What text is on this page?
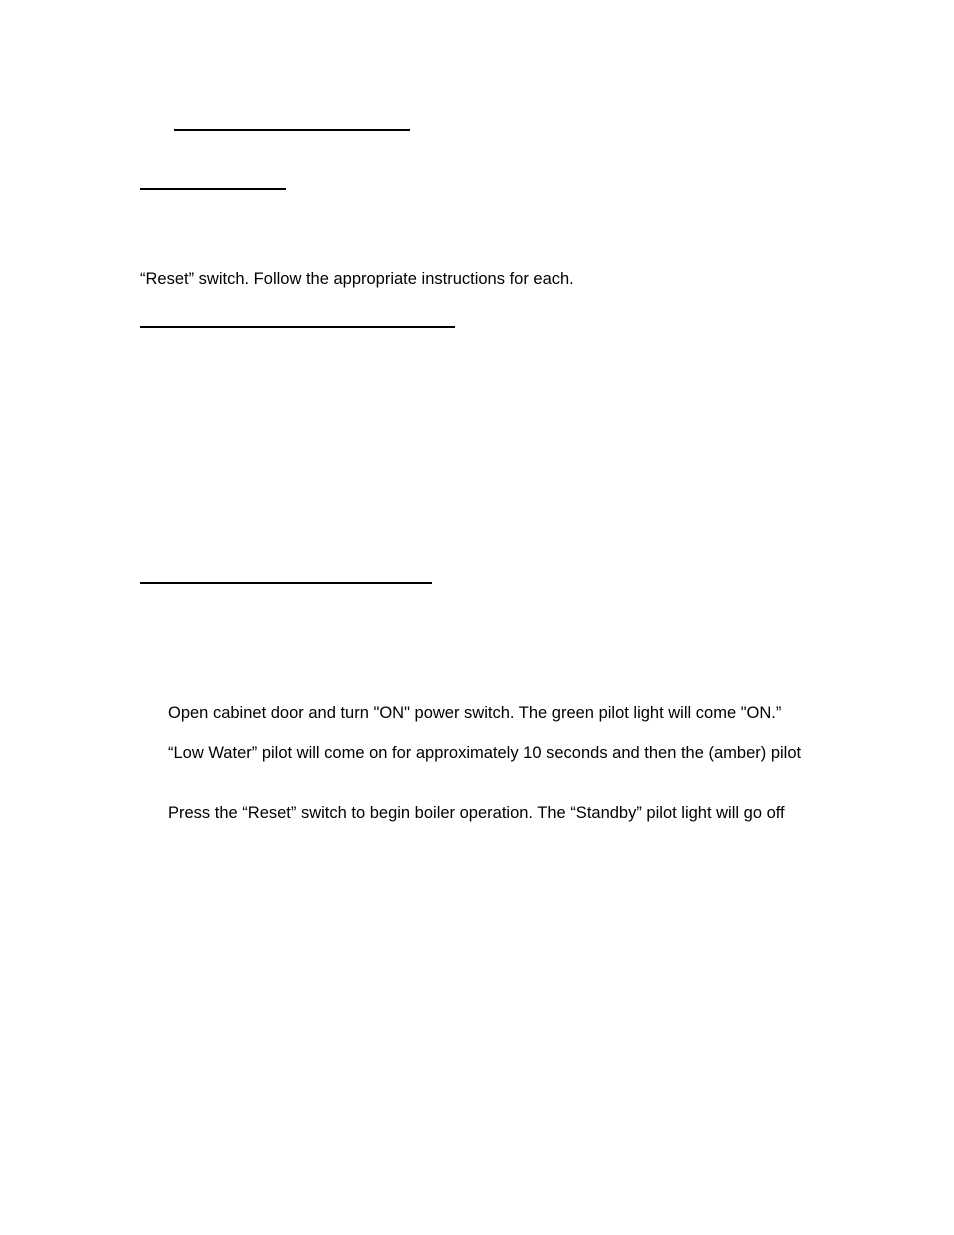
“Reset” switch. Follow the appropriate instructions for each.
Open cabinet door and turn "ON" power switch. The green pilot light will come "ON.”
“Low Water” pilot will come on for approximately 10 seconds and then the (amber) pilot
Press the “Reset” switch to begin boiler operation. The “Standby” pilot light will go off
